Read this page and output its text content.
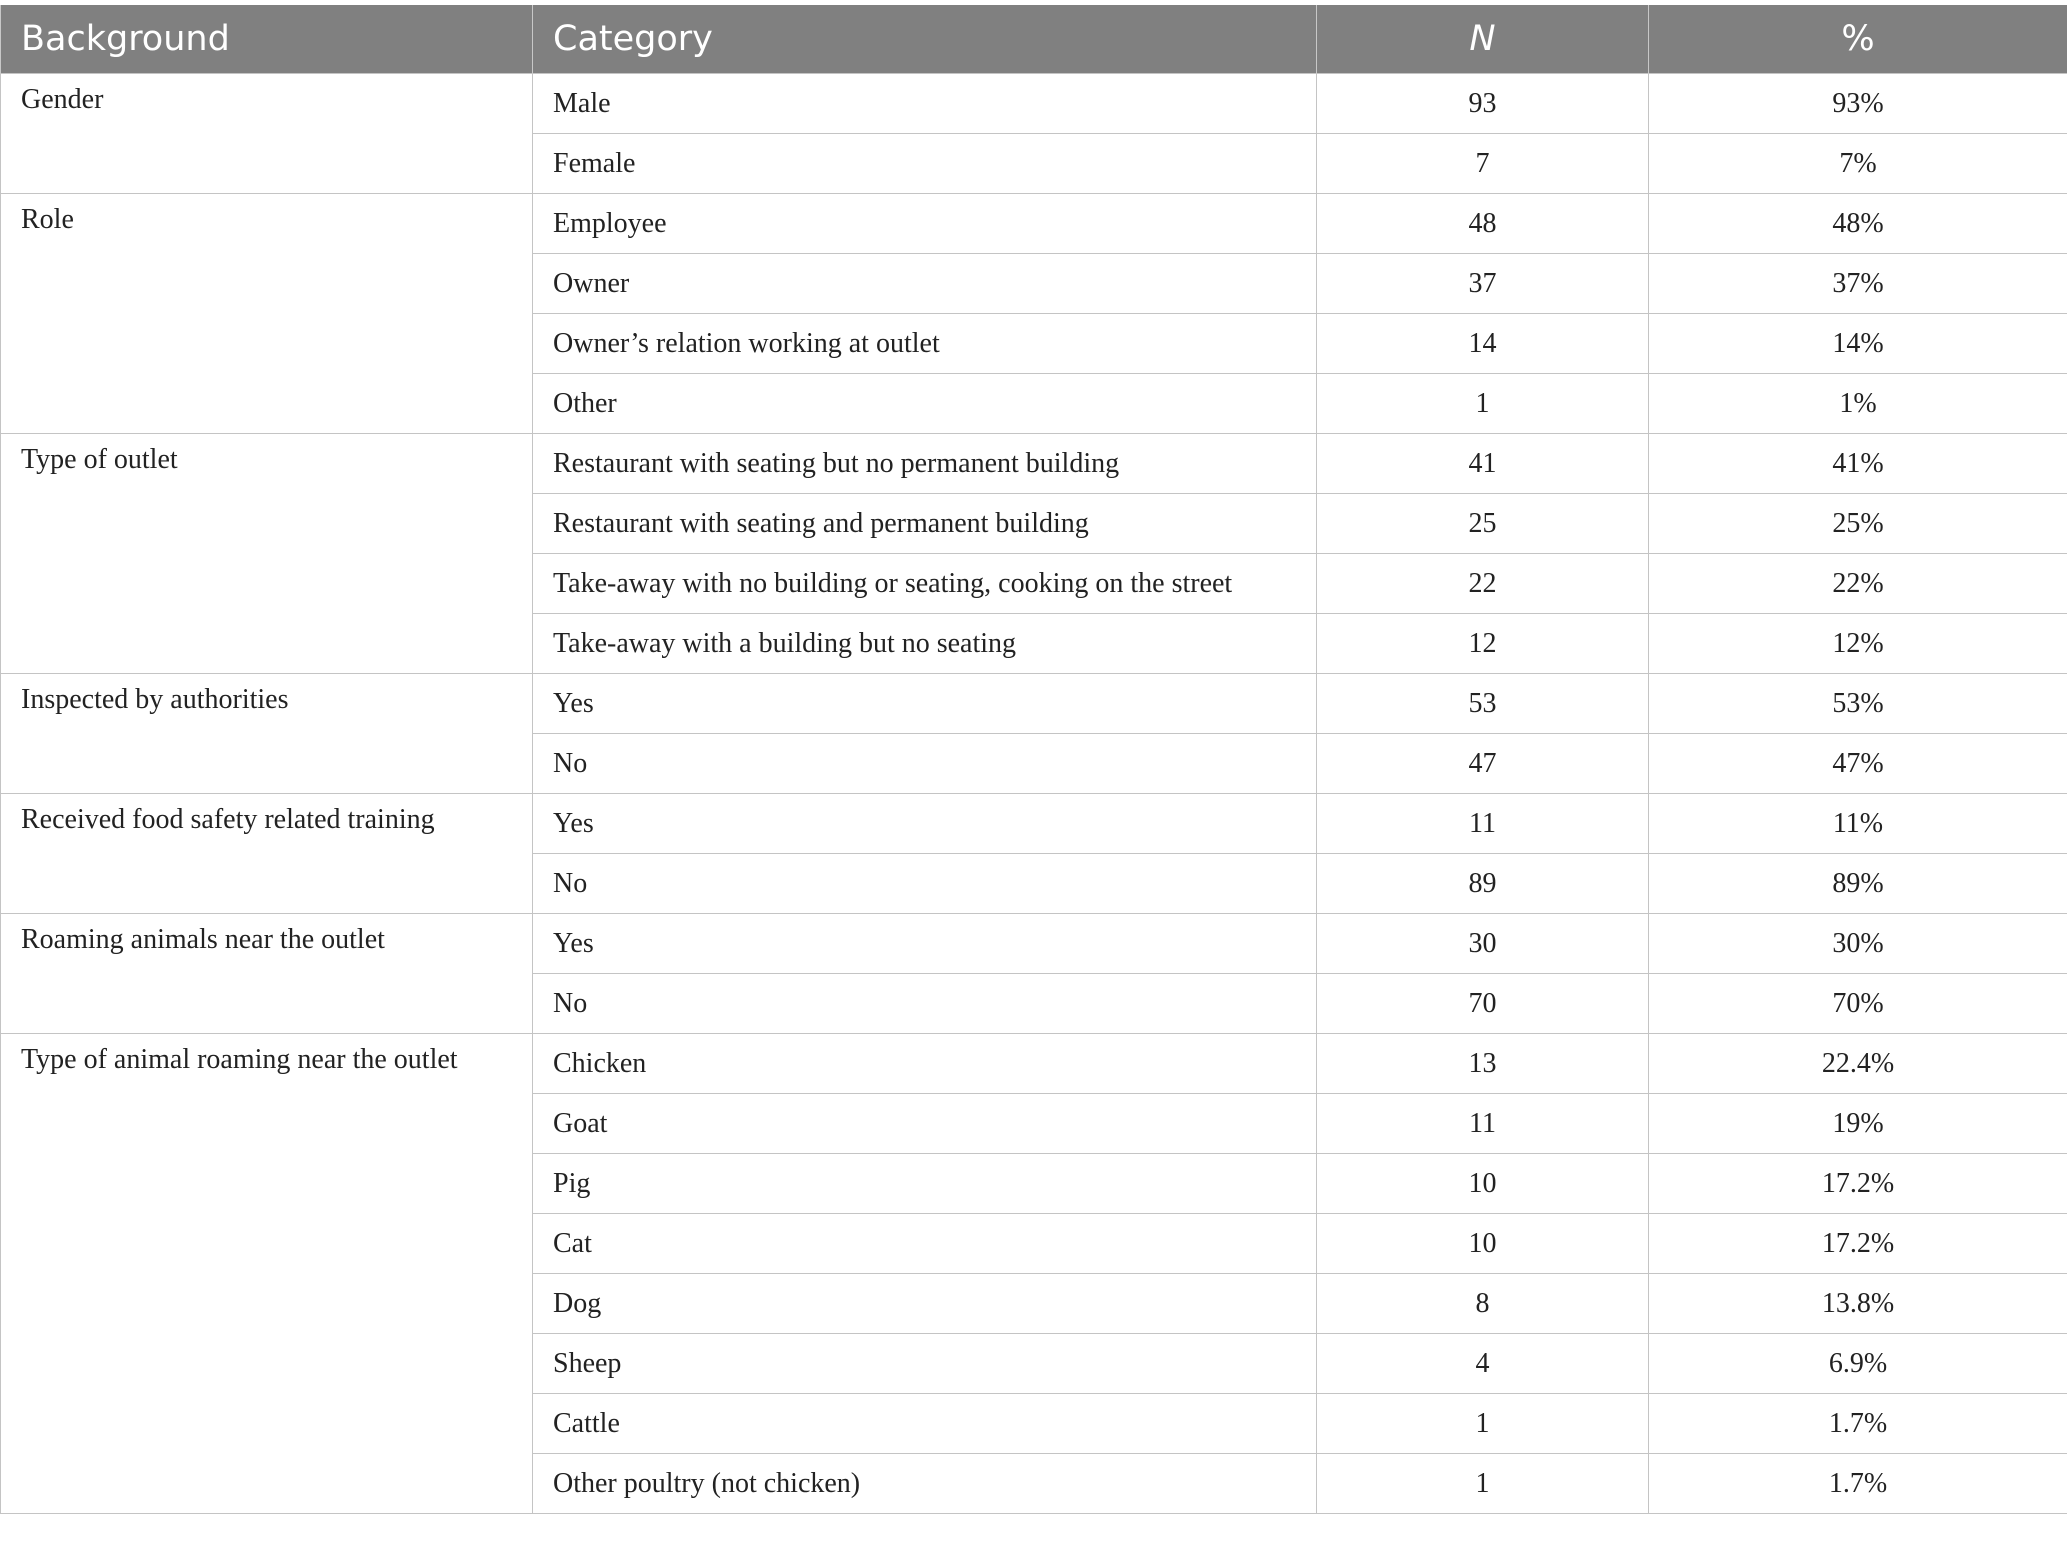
Background	Category	N	%
Gender	Male	93	93%
	Female	7	7%
Role	Employee	48	48%
	Owner	37	37%
	Owner’s relation working at outlet	14	14%
	Other	1	1%
Type of outlet	Restaurant with seating but no permanent building	41	41%
	Restaurant with seating and permanent building	25	25%
	Take-away with no building or seating, cooking on the street	22	22%
	Take-away with a building but no seating	12	12%
Inspected by authorities	Yes	53	53%
	No	47	47%
Received food safety related training	Yes	11	11%
	No	89	89%
Roaming animals near the outlet	Yes	30	30%
	No	70	70%
Type of animal roaming near the outlet	Chicken	13	22.4%
	Goat	11	19%
	Pig	10	17.2%
	Cat	10	17.2%
	Dog	8	13.8%
	Sheep	4	6.9%
	Cattle	1	1.7%
	Other poultry (not chicken)	1	1.7%
